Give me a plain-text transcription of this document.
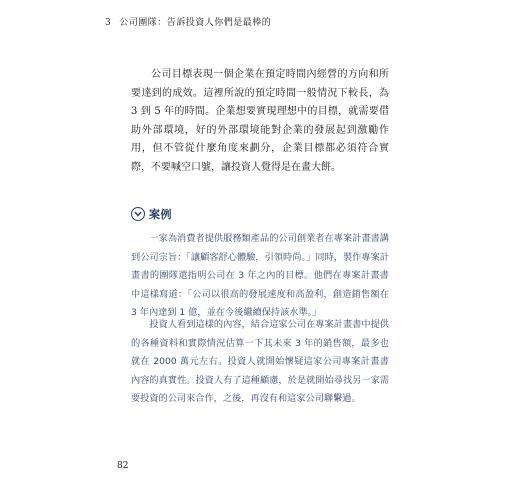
3 公司團隊：告訴投資人你們是最棒的

公司目標表現一個企業在預定時間內經營的方向和所要達到的成效。這裡所說的預定時間一般情況下較長，為 3 到 5 年的時間。企業想要實現理想中的目標，就需要借助外部環境，好的外部環境能對企業的發展起到激勵作用，但不管從什麼角度來劃分，企業目標都必須符合實際，不要喊空口號，讓投資人覺得是在畫大餅。

案例

一家為消費者提供服務類產品的公司創業者在專案計畫書講到公司宗旨：「讓顧客舒心體驗，引領時尚。」同時，製作專案計畫書的團隊還指明公司在 3 年之內的目標。他們在專案計畫書中這樣寫道：「公司以很高的發展速度和高盈利，創造銷售額在 3 年內達到 1 億，並在今後繼續保持該水準。」

投資人看到這樣的內容，結合這家公司在專案計畫書中提供的各種資料和實際情況估算一下其未來 3 年的銷售額，最多也就在 2000 萬元左右。投資人就開始懷疑這家公司專案計畫書內容的真實性。投資人有了這種顧慮，於是就開始尋找另一家需要投資的公司來合作，之後，再沒有和這家公司聯繫過。

82
